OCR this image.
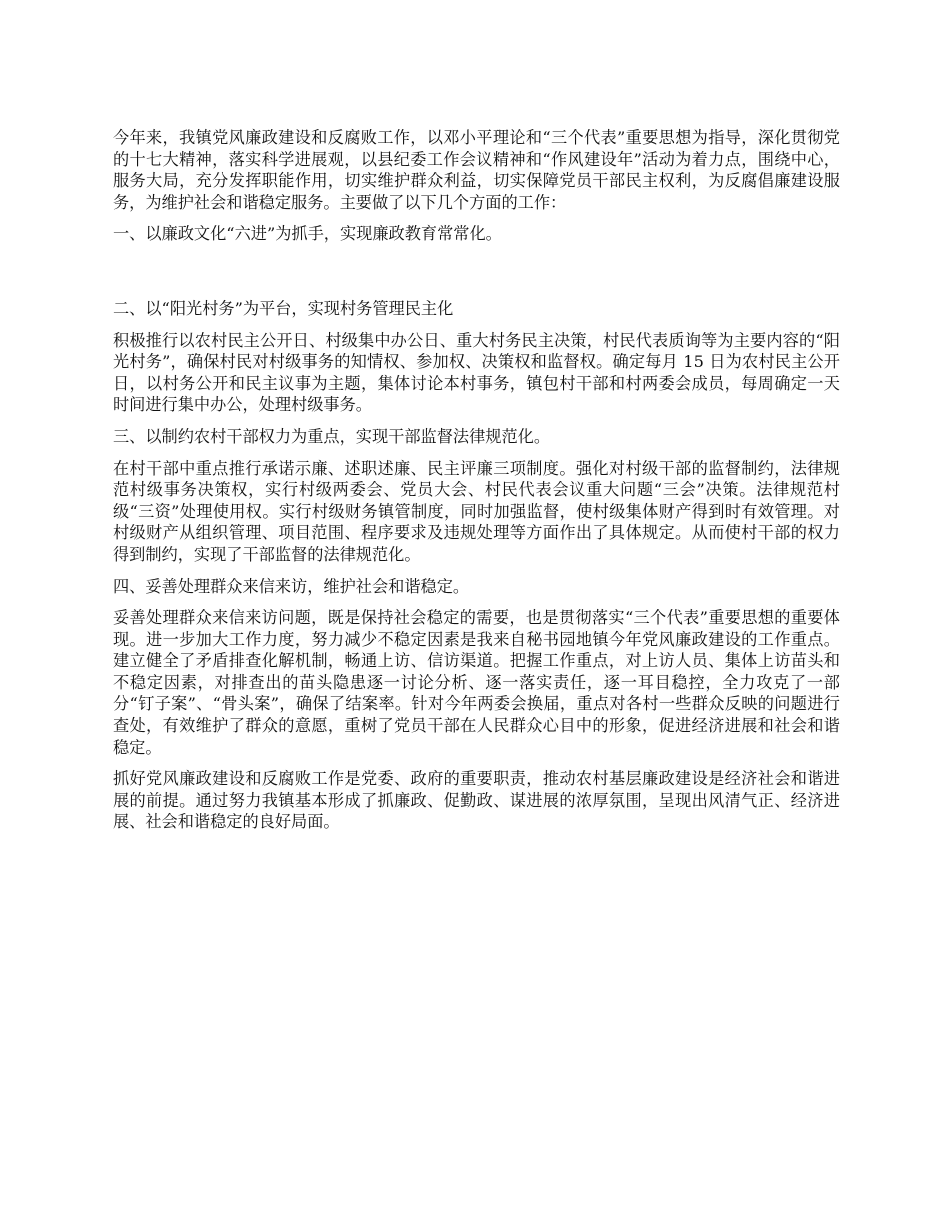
今年来，我镇党风廉政建设和反腐败工作，以邓小平理论和“三个代表”重要思想为指导，深化贯彻党的十七大精神，落实科学进展观，以县纪委工作会议精神和“作风建设年”活动为着力点，围绕中心，服务大局，充分发挥职能作用，切实维护群众利益，切实保障党员干部民主权利，为反腐倡廉建设服务，为维护社会和谐稳定服务。主要做了以下几个方面的工作：

一、以廉政文化“六进”为抓手，实现廉政教育常常化。

二、以“阳光村务”为平台，实现村务管理民主化

积极推行以农村民主公开日、村级集中办公日、重大村务民主决策，村民代表质询等为主要内容的“阳光村务”，确保村民对村级事务的知情权、参加权、决策权和监督权。确定每月 15 日为农村民主公开日，以村务公开和民主议事为主题，集体讨论本村事务，镇包村干部和村两委会成员，每周确定一天时间进行集中办公，处理村级事务。

三、以制约农村干部权力为重点，实现干部监督法律规范化。

在村干部中重点推行承诺示廉、述职述廉、民主评廉三项制度。强化对村级干部的监督制约，法律规范村级事务决策权，实行村级两委会、党员大会、村民代表会议重大问题“三会”决策。法律规范村级“三资”处理使用权。实行村级财务镇管制度，同时加强监督，使村级集体财产得到时有效管理。对村级财产从组织管理、项目范围、程序要求及违规处理等方面作出了具体规定。从而使村干部的权力得到制约，实现了干部监督的法律规范化。

四、妥善处理群众来信来访，维护社会和谐稳定。

妥善处理群众来信来访问题，既是保持社会稳定的需要，也是贯彻落实“三个代表”重要思想的重要体现。进一步加大工作力度，努力减少不稳定因素是我来自秘书园地镇今年党风廉政建设的工作重点。建立健全了矛盾排查化解机制，畅通上访、信访渠道。把握工作重点，对上访人员、集体上访苗头和不稳定因素，对排查出的苗头隐患逐一讨论分析、逐一落实责任，逐一耳目稳控，全力攻克了一部分“钉子案”、“骨头案”，确保了结案率。针对今年两委会换届，重点对各村一些群众反映的问题进行查处，有效维护了群众的意愿，重树了党员干部在人民群众心目中的形象，促进经济进展和社会和谐稳定。

抓好党风廉政建设和反腐败工作是党委、政府的重要职责，推动农村基层廉政建设是经济社会和谐进展的前提。通过努力我镇基本形成了抓廉政、促勤政、谋进展的浓厚氛围，呈现出风清气正、经济进展、社会和谐稳定的良好局面。
